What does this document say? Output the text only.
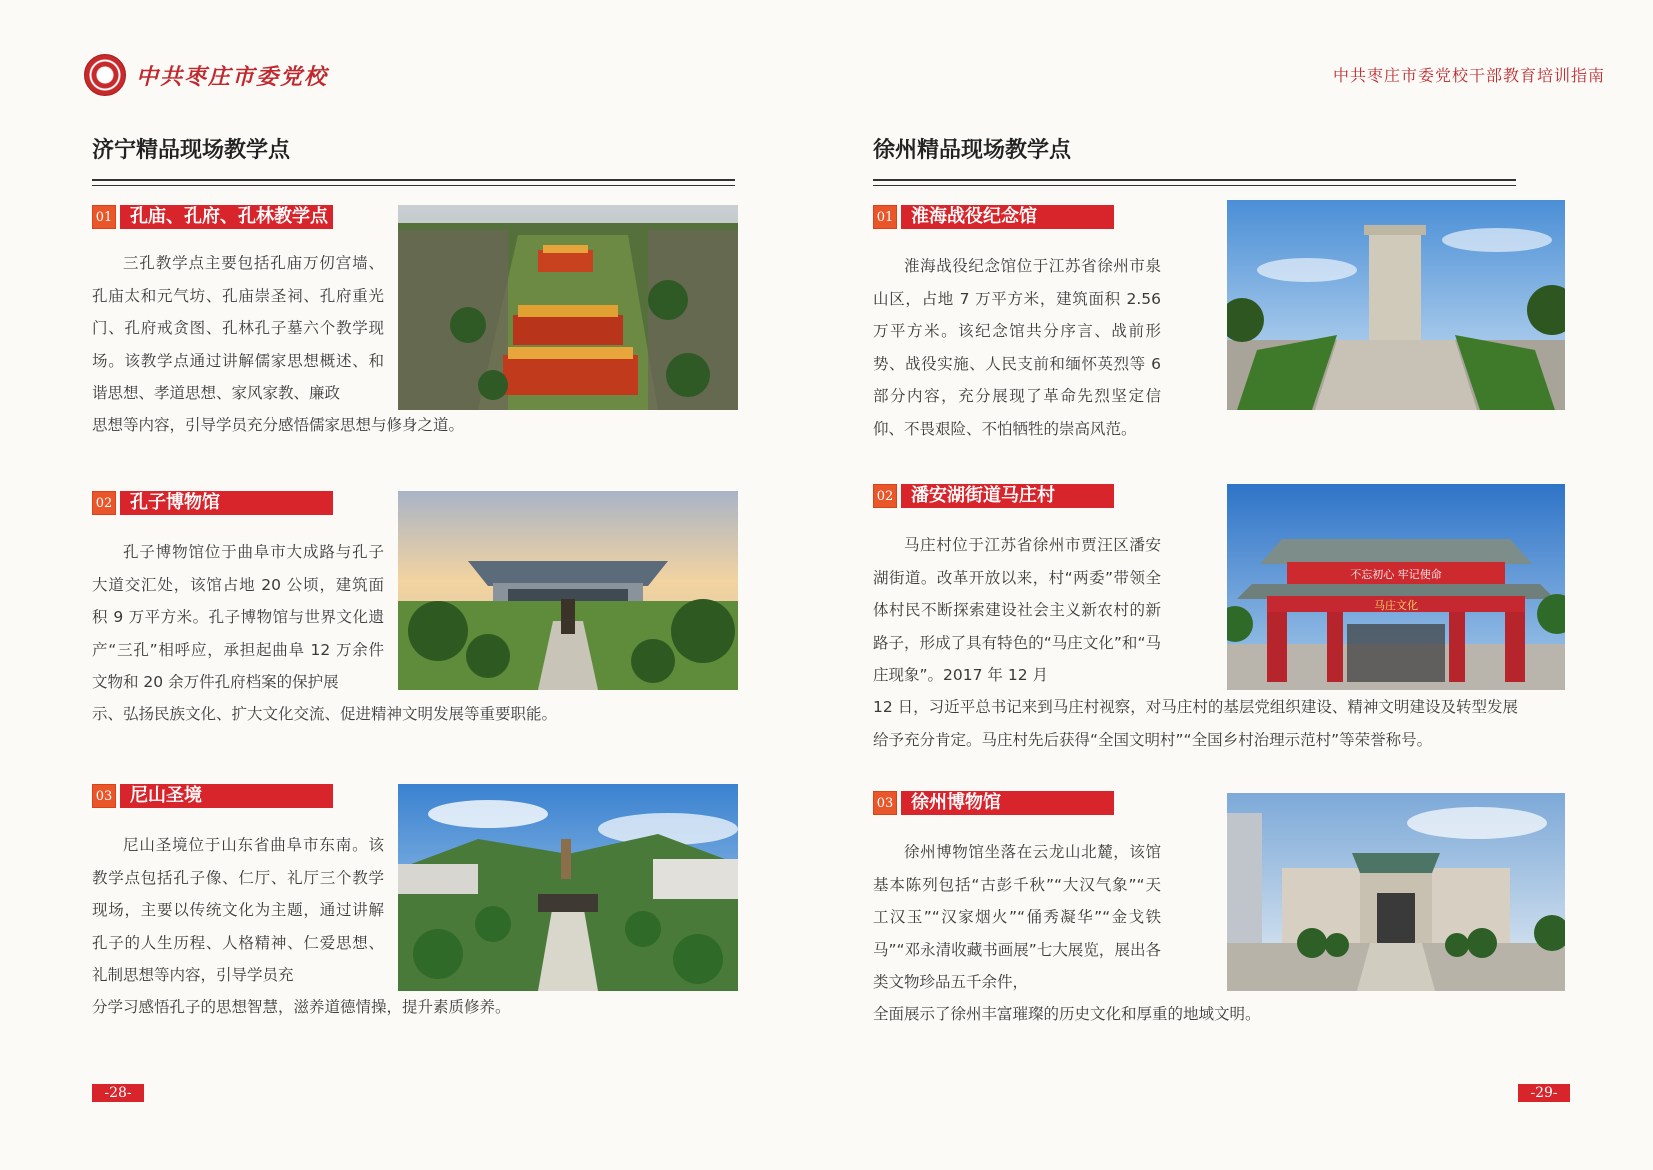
中共枣庄市委党校
济宁精品现场教学点
01 孔庙、孔府、孔林教学点
三孔教学点主要包括孔庙万仞宫墙、孔庙太和元气坊、孔庙崇圣祠、孔府重光门、孔府戒贪图、孔林孔子墓六个教学现场。该教学点通过讲解儒家思想概述、和谐思想、孝道思想、家风家教、廉政
思想等内容，引导学员充分感悟儒家思想与修身之道。
02 孔子博物馆
孔子博物馆位于曲阜市大成路与孔子大道交汇处，该馆占地 20 公顷，建筑面积 9 万平方米。孔子博物馆与世界文化遗产“三孔”相呼应，承担起曲阜 12 万余件文物和 20 余万件孔府档案的保护展
示、弘扬民族文化、扩大文化交流、促进精神文明发展等重要职能。
03 尼山圣境
尼山圣境位于山东省曲阜市东南。该教学点包括孔子像、仁厅、礼厅三个教学现场，主要以传统文化为主题，通过讲解孔子的人生历程、人格精神、仁爱思想、礼制思想等内容，引导学员充
分学习感悟孔子的思想智慧，滋养道德情操，提升素质修养。
-28-
中共枣庄市委党校干部教育培训指南
徐州精品现场教学点
01 淮海战役纪念馆
淮海战役纪念馆位于江苏省徐州市泉山区，占地 7 万平方米，建筑面积 2.56 万平方米。该纪念馆共分序言、战前形势、战役实施、人民支前和缅怀英烈等 6 部分内容，充分展现了革命先烈坚定信仰、不畏艰险、不怕牺牲的崇高风范。
02 潘安湖街道马庄村
不忘初心 牢记使命
马庄文化
马庄村位于江苏省徐州市贾汪区潘安湖街道。改革开放以来，村“两委”带领全体村民不断探索建设社会主义新农村的新路子，形成了具有特色的“马庄文化”和“马庄现象”。2017 年 12 月
12 日，习近平总书记来到马庄村视察，对马庄村的基层党组织建设、精神文明建设及转型发展给予充分肯定。马庄村先后获得“全国文明村”“全国乡村治理示范村”等荣誉称号。
03 徐州博物馆
徐州博物馆坐落在云龙山北麓，该馆基本陈列包括“古彭千秋”“大汉气象”“天工汉玉”“汉家烟火”“俑秀凝华”“金戈铁马”“邓永清收藏书画展”七大展览，展出各类文物珍品五千余件，
全面展示了徐州丰富璀璨的历史文化和厚重的地域文明。
-29-
